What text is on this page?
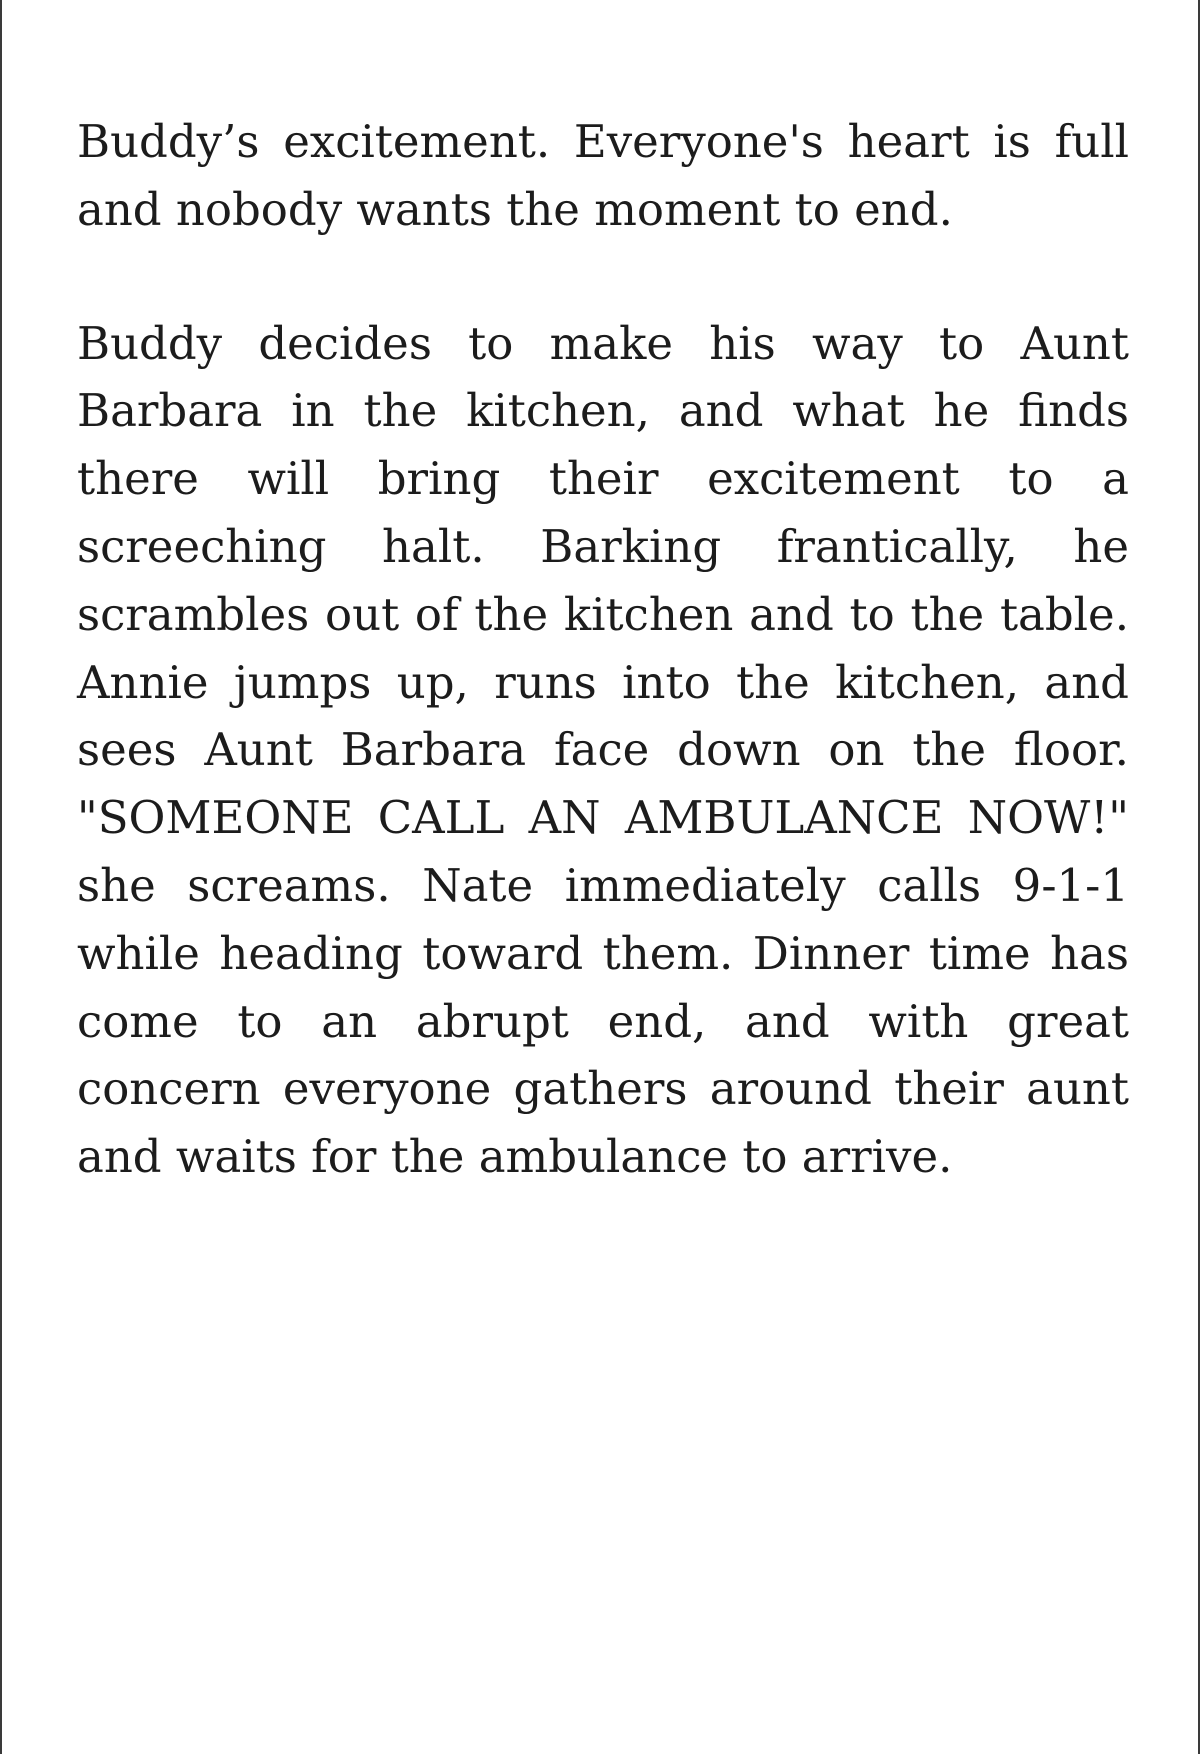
Buddy’s excitement. Everyone's heart is full and nobody wants the moment to end.

Buddy decides to make his way to Aunt Barbara in the kitchen, and what he finds there will bring their excitement to a screeching halt. Barking frantically, he scrambles out of the kitchen and to the table. Annie jumps up, runs into the kitchen, and sees Aunt Barbara face down on the floor. "SOMEONE CALL AN AMBULANCE NOW!" she screams. Nate immediately calls 9-1-1 while heading toward them. Dinner time has come to an abrupt end, and with great concern everyone gathers around their aunt and waits for the ambulance to arrive.
